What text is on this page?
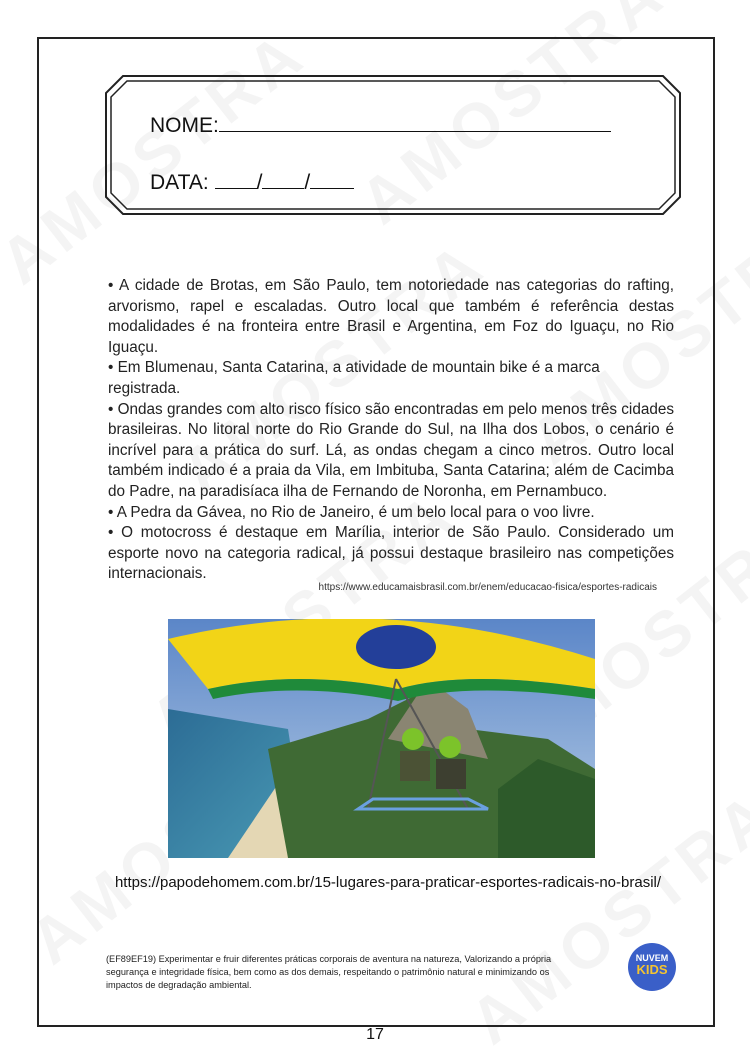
NOME:
DATA: / /

• A cidade de Brotas, em São Paulo, tem notoriedade nas categorias do rafting, arvorismo, rapel e escaladas. Outro local que também é referência destas modalidades é na fronteira entre Brasil e Argentina, em Foz do Iguaçu, no Rio Iguaçu.

• Em Blumenau, Santa Catarina, a atividade de mountain bike é a marca registrada.

• Ondas grandes com alto risco físico são encontradas em pelo menos três cidades brasileiras. No litoral norte do Rio Grande do Sul, na Ilha dos Lobos, o cenário é incrível para a prática do surf. Lá, as ondas chegam a cinco metros. Outro local também indicado é a praia da Vila, em Imbituba, Santa Catarina; além de Cacimba do Padre, na paradisíaca ilha de Fernando de Noronha, em Pernambuco.

• A Pedra da Gávea, no Rio de Janeiro, é um belo local para o voo livre.

• O motocross é destaque em Marília, interior de São Paulo. Considerado um esporte novo na categoria radical, já possui destaque brasileiro nas competições internacionais.

https://www.educamaisbrasil.com.br/enem/educacao-fisica/esportes-radicais
https://papodehomem.com.br/15-lugares-para-praticar-esportes-radicais-no-brasil/
(EF89EF19) Experimentar e fruir diferentes práticas corporais de aventura na natureza, Valorizando a própria segurança e integridade física, bem como as dos demais, respeitando o patrimônio natural e minimizando os impactos de degradação ambiental.
NUVEM
KIDS
17
